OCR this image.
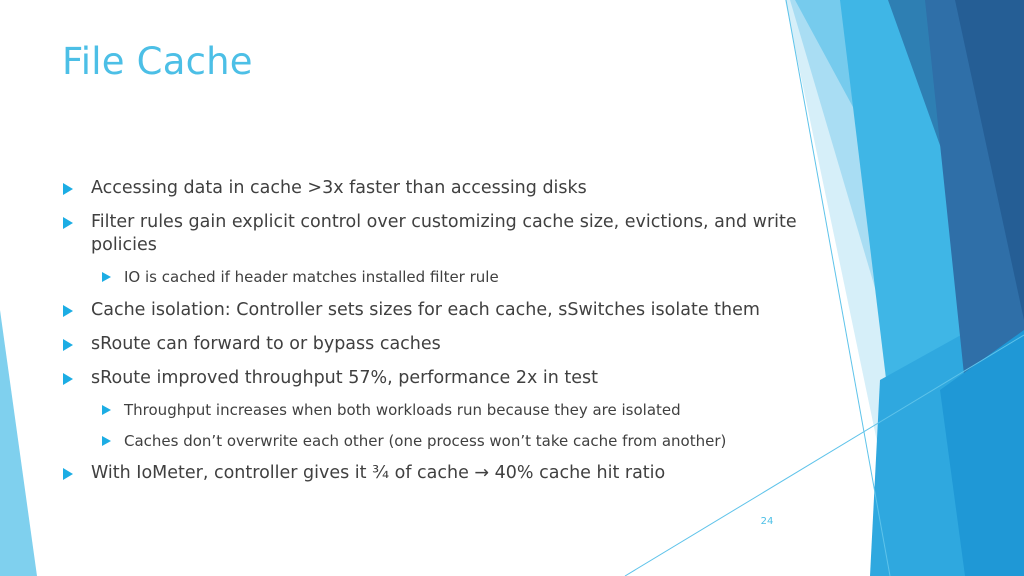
File Cache
Accessing data in cache >3x faster than accessing disks
Filter rules gain explicit control over customizing cache size, evictions, and write policies
IO is cached if header matches installed filter rule
Cache isolation: Controller sets sizes for each cache, sSwitches isolate them
sRoute can forward to or bypass caches
sRoute improved throughput 57%, performance 2x in test
Throughput increases when both workloads run because they are isolated
Caches don’t overwrite each other (one process won’t take cache from another)
With IoMeter, controller gives it ¾ of cache → 40% cache hit ratio
24
